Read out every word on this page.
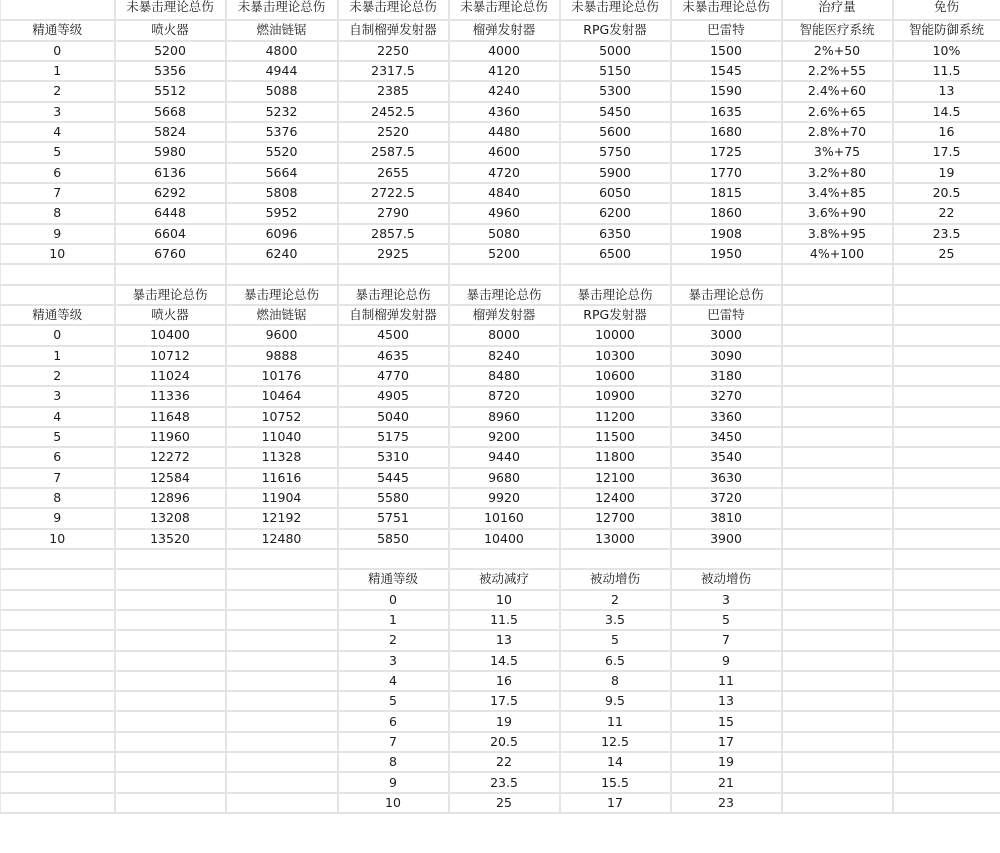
	未暴击理论总伤	未暴击理论总伤	未暴击理论总伤	未暴击理论总伤	未暴击理论总伤	未暴击理论总伤	治疗量	免伤
精通等级	喷火器	燃油链锯	自制榴弹发射器	榴弹发射器	RPG发射器	巴雷特	智能医疗系统	智能防御系统
0	5200	4800	2250	4000	5000	1500	2%+50	10%
1	5356	4944	2317.5	4120	5150	1545	2.2%+55	11.5
2	5512	5088	2385	4240	5300	1590	2.4%+60	13
3	5668	5232	2452.5	4360	5450	1635	2.6%+65	14.5
4	5824	5376	2520	4480	5600	1680	2.8%+70	16
5	5980	5520	2587.5	4600	5750	1725	3%+75	17.5
6	6136	5664	2655	4720	5900	1770	3.2%+80	19
7	6292	5808	2722.5	4840	6050	1815	3.4%+85	20.5
8	6448	5952	2790	4960	6200	1860	3.6%+90	22
9	6604	6096	2857.5	5080	6350	1908	3.8%+95	23.5
10	6760	6240	2925	5200	6500	1950	4%+100	25

	暴击理论总伤	暴击理论总伤	暴击理论总伤	暴击理论总伤	暴击理论总伤	暴击理论总伤		
精通等级	喷火器	燃油链锯	自制榴弹发射器	榴弹发射器	RPG发射器	巴雷特		
0	10400	9600	4500	8000	10000	3000		
1	10712	9888	4635	8240	10300	3090		
2	11024	10176	4770	8480	10600	3180		
3	11336	10464	4905	8720	10900	3270		
4	11648	10752	5040	8960	11200	3360		
5	11960	11040	5175	9200	11500	3450		
6	12272	11328	5310	9440	11800	3540		
7	12584	11616	5445	9680	12100	3630		
8	12896	11904	5580	9920	12400	3720		
9	13208	12192	5751	10160	12700	3810		
10	13520	12480	5850	10400	13000	3900		

			精通等级	被动减疗	被动增伤	被动增伤		
			0	10	2	3		
			1	11.5	3.5	5		
			2	13	5	7		
			3	14.5	6.5	9		
			4	16	8	11		
			5	17.5	9.5	13		
			6	19	11	15		
			7	20.5	12.5	17		
			8	22	14	19		
			9	23.5	15.5	21		
			10	25	17	23		
